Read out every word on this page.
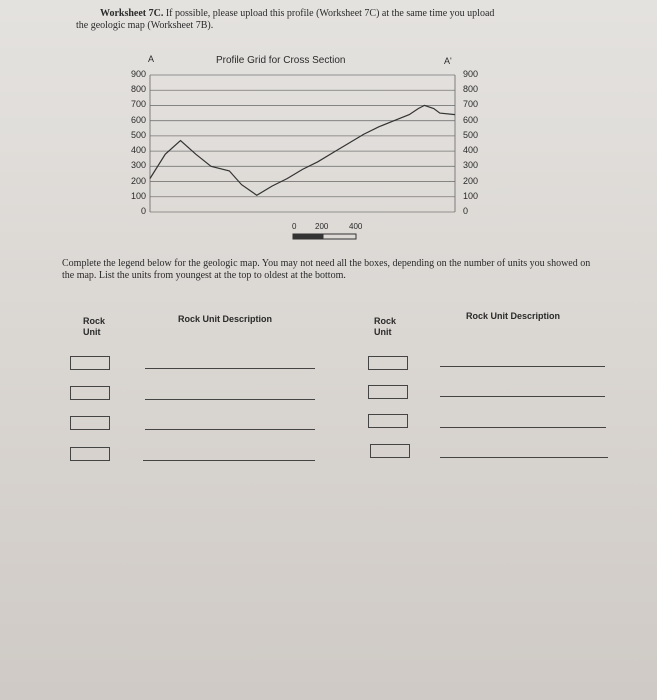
Worksheet 7C. If possible, please upload this profile (Worksheet 7C) at the same time you upload
the geologic map (Worksheet 7B).
A	Profile Grid for Cross Section	A'
900
800
700
600
500
400
300
200
100
0
900
800
700
600
500
400
300
200
100
0
0 200	400
Complete the legend below for the geologic map. You may not need all the boxes, depending on the number of units you showed on the map. List the units from youngest at the top to oldest at the bottom.
Rock
Unit
Rock Unit Description	Rock
Unit
Rock Unit Description
